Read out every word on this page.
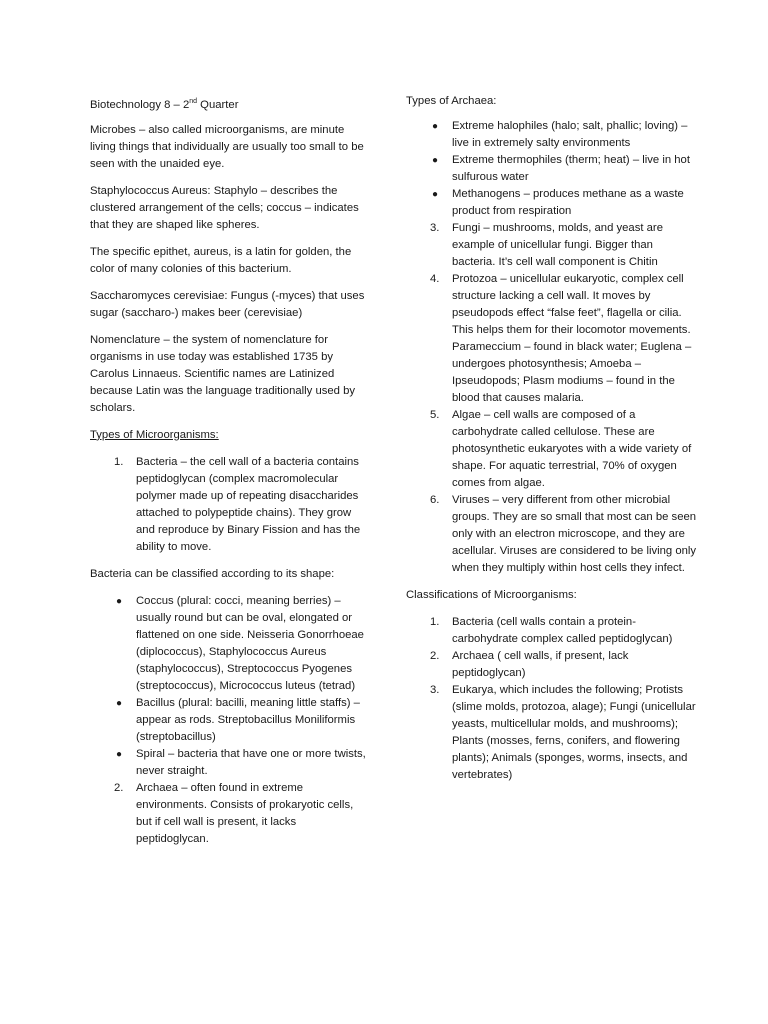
Biotechnology 8 – 2nd Quarter

Microbes – also called microorganisms, are minute living things that individually are usually too small to be seen with the unaided eye.

Staphylococcus Aureus: Staphylo – describes the clustered arrangement of the cells; coccus – indicates that they are shaped like spheres.

The specific epithet, aureus, is a latin for golden, the color of many colonies of this bacterium.

Saccharomyces cerevisiae: Fungus (-myces) that uses sugar (saccharo-) makes beer (cerevisiae)

Nomenclature – the system of nomenclature for organisms in use today was established 1735 by Carolus Linnaeus. Scientific names are Latinized because Latin was the language traditionally used by scholars.

Types of Microorganisms:

1. Bacteria – the cell wall of a bacteria contains peptidoglycan (complex macromolecular polymer made up of repeating disaccharides attached to polypeptide chains). They grow and reproduce by Binary Fission and has the ability to move.

Bacteria can be classified according to its shape:

● Coccus (plural: cocci, meaning berries) – usually round but can be oval, elongated or flattened on one side. Neisseria Gonorrhoeae (diplococcus), Staphylococcus Aureus (staphylococcus), Streptococcus Pyogenes (streptococcus), Micrococcus luteus (tetrad)
● Bacillus (plural: bacilli, meaning little staffs) – appear as rods. Streptobacillus Moniliformis (streptobacillus)
● Spiral – bacteria that have one or more twists, never straight.
2. Archaea – often found in extreme environments. Consists of prokaryotic cells, but if cell wall is present, it lacks peptidoglycan.

Types of Archaea:

● Extreme halophiles (halo; salt, phallic; loving) – live in extremely salty environments
● Extreme thermophiles (therm; heat) – live in hot sulfurous water
● Methanogens – produces methane as a waste product from respiration
3. Fungi – mushrooms, molds, and yeast are example of unicellular fungi. Bigger than bacteria. It’s cell wall component is Chitin
4. Protozoa – unicellular eukaryotic, complex cell structure lacking a cell wall. It moves by pseudopods effect “false feet”, flagella or cilia. This helps them for their locomotor movements. Parameccium – found in black water; Euglena – undergoes photosynthesis; Amoeba – Ipseudopods; Plasm modiums – found in the blood that causes malaria.
5. Algae – cell walls are composed of a carbohydrate called cellulose. These are photosynthetic eukaryotes with a wide variety of shape. For aquatic terrestrial, 70% of oxygen comes from algae.
6. Viruses – very different from other microbial groups. They are so small that most can be seen only with an electron microscope, and they are acellular. Viruses are considered to be living only when they multiply within host cells they infect.

Classifications of Microorganisms:

1. Bacteria (cell walls contain a protein-carbohydrate complex called peptidoglycan)
2. Archaea ( cell walls, if present, lack peptidoglycan)
3. Eukarya, which includes the following; Protists (slime molds, protozoa, alage); Fungi (unicellular yeasts, multicellular molds, and mushrooms); Plants (mosses, ferns, conifers, and flowering plants); Animals (sponges, worms, insects, and vertebrates)
